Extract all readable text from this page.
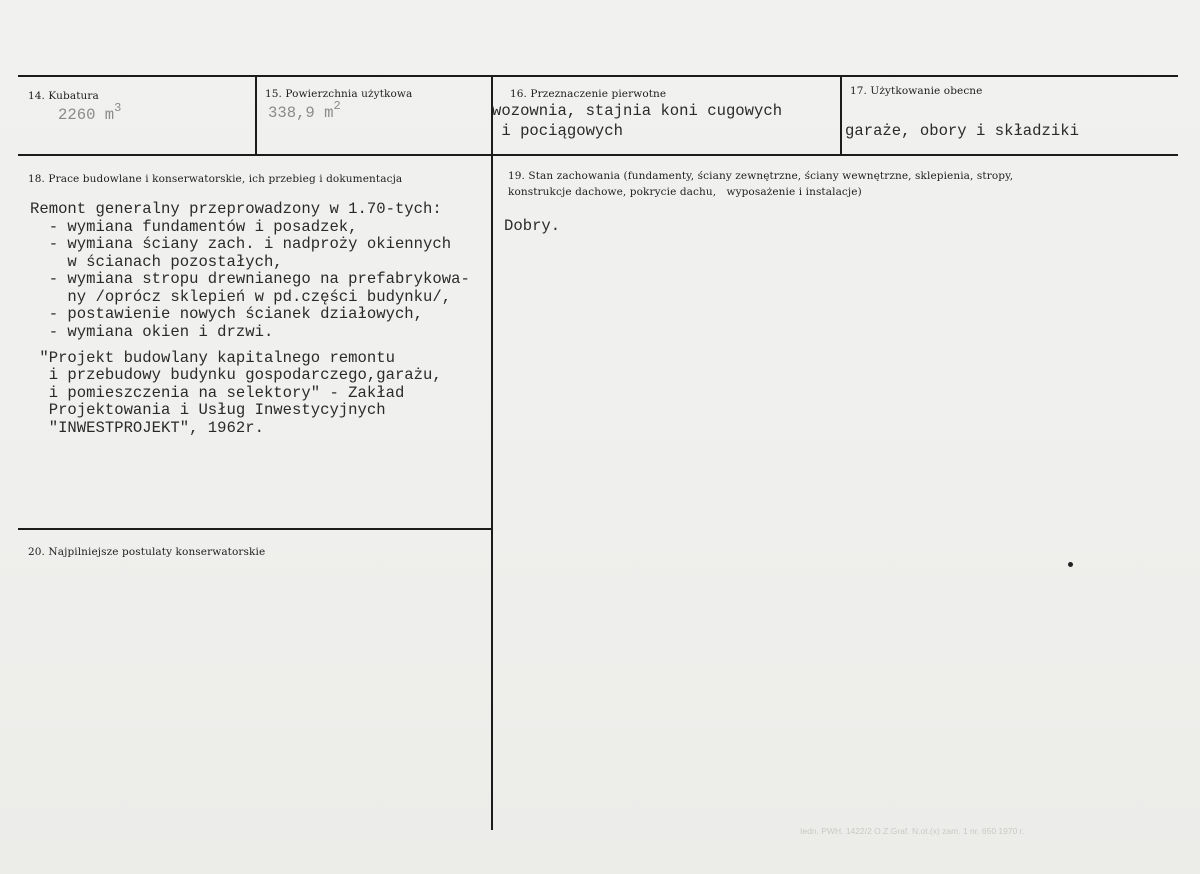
14. Kubatura
2260 $m^3$
15. Powierzchnia użytkowa
338,9 $m^2$
16. Przeznaczenie pierwotne
wozownia, stajnia koni cugowych
i pociągowych
17. Użytkowanie obecne
garaże, obory i składziki
18. Prace budowlane i konserwatorskie, ich przebieg i dokumentacja
Remont generalny przeprowadzony w 1.70-tych:
- wymiana fundamentów i posadzek,
- wymiana ściany zach. i nadproży okiennych
w ścianach pozostałych,
- wymiana stropu drewnianego na prefabrykowa-
ny /oprócz sklepień w pd.części budynku/,
- postawienie nowych ścianek działowych,
- wymiana okien i drzwi.
"Projekt budowlany kapitalnego remontu
i przebudowy budynku gospodarczego,garażu,
i pomieszczenia na selektory" - Zakład
Projektowania i Usług Inwestycyjnych
"INWESTPROJEKT", 1962r.
19. Stan zachowania (fundamenty, ściany zewnętrzne, ściany wewnętrzne, sklepienia, stropy,
konstrukcje dachowe, pokrycie dachu,   wyposażenie i instalacje)
Dobry.
20. Najpilniejsze postulaty konserwatorskie
Iedn. PWH. 1422/2 O.Z.Graf. N.ot.(x) zam. 1 nr. 650 1970 r.
